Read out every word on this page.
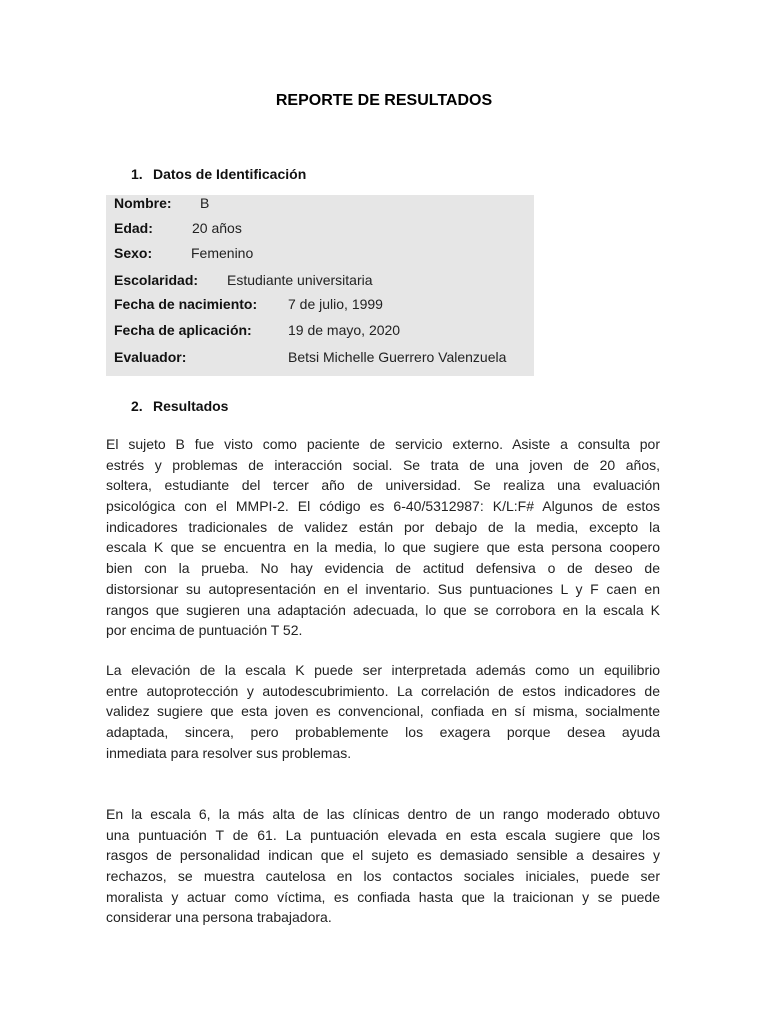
REPORTE DE RESULTADOS
1. Datos de Identificación
Nombre: B
Edad:	20 años
Sexo:	Femenino
Escolaridad: Estudiante universitaria
Fecha de nacimiento: 7 de julio, 1999
Fecha de aplicación:	19 de mayo, 2020
Evaluador:	Betsi Michelle Guerrero Valenzuela
2. Resultados
El sujeto B fue visto como paciente de servicio externo. Asiste a consulta por
estrés y problemas de interacción social. Se trata de una joven de 20 años,
soltera, estudiante del tercer año de universidad. Se realiza una evaluación
psicológica con el MMPI-2. El código es 6-40/5312987: K/L:F# Algunos de estos
indicadores tradicionales de validez están por debajo de la media, excepto la
escala K que se encuentra en la media, lo que sugiere que esta persona coopero
bien con la prueba. No hay evidencia de actitud defensiva o de deseo de
distorsionar su autopresentación en el inventario. Sus puntuaciones L y F caen en
rangos que sugieren una adaptación adecuada, lo que se corrobora en la escala K
por encima de puntuación T 52.
La elevación de la escala K puede ser interpretada además como un equilibrio
entre autoprotección y autodescubrimiento. La correlación de estos indicadores de
validez sugiere que esta joven es convencional, confiada en sí misma, socialmente
adaptada, sincera, pero probablemente los exagera porque desea ayuda
inmediata para resolver sus problemas.
En la escala 6, la más alta de las clínicas dentro de un rango moderado obtuvo
una puntuación T de 61. La puntuación elevada en esta escala sugiere que los
rasgos de personalidad indican que el sujeto es demasiado sensible a desaires y
rechazos, se muestra cautelosa en los contactos sociales iniciales, puede ser
moralista y actuar como víctima, es confiada hasta que la traicionan y se puede
considerar una persona trabajadora.
